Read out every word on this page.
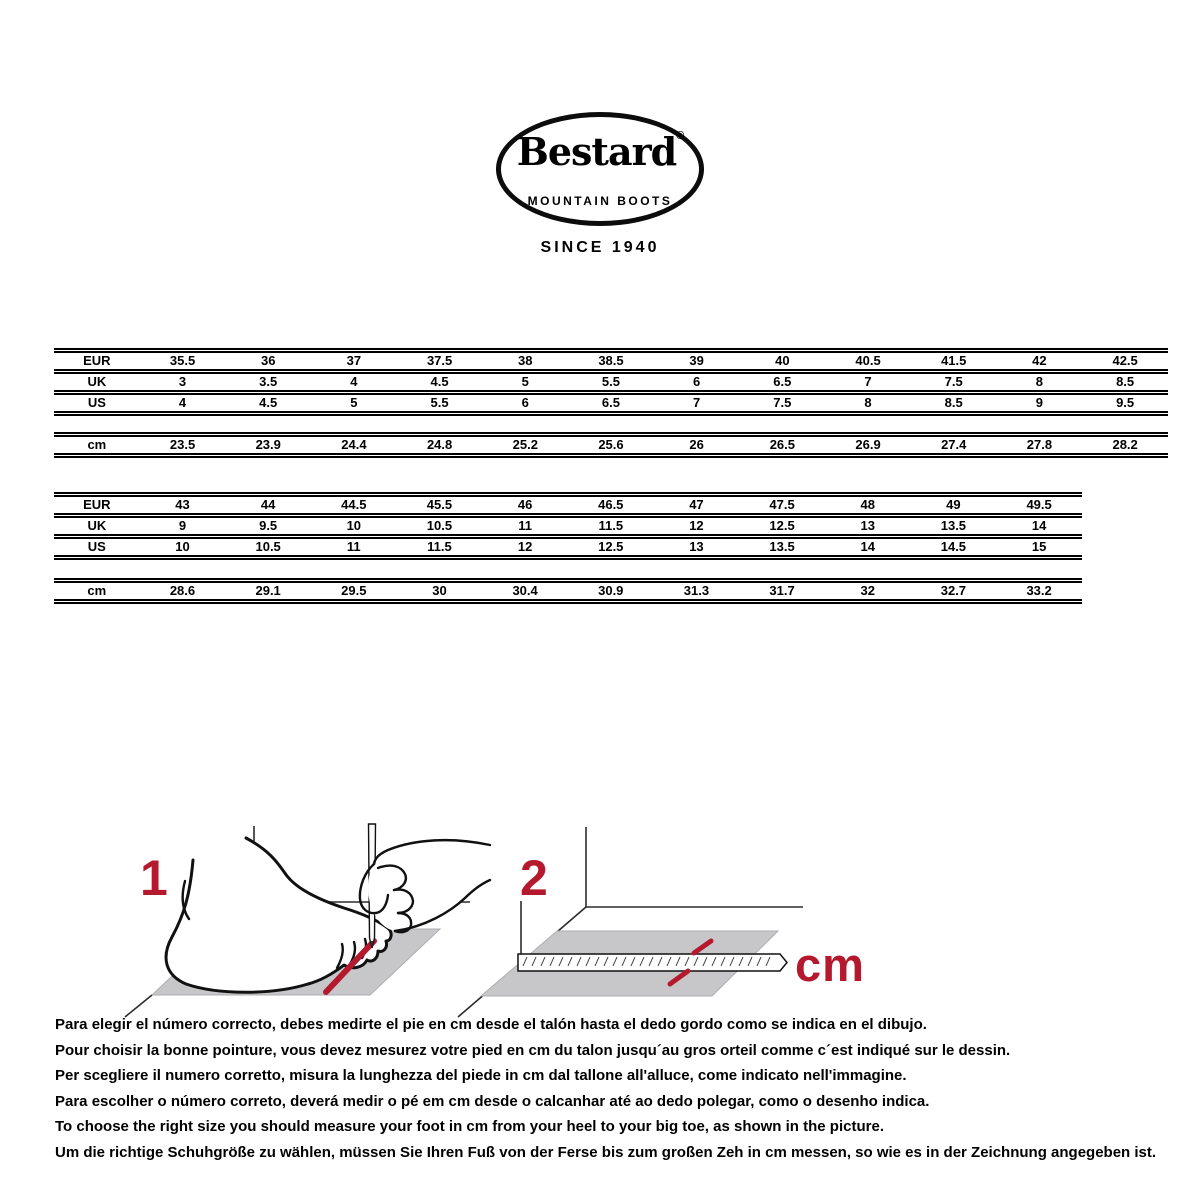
Bestard®
MOUNTAIN BOOTS
SINCE 1940
EUR	35.5	36	37	37.5	38	38.5	39	40	40.5	41.5	42	42.5
UK	3	3.5	4	4.5	5	5.5	6	6.5	7	7.5	8	8.5
US	4	4.5	5	5.5	6	6.5	7	7.5	8	8.5	9	9.5
cm	23.5	23.9	24.4	24.8	25.2	25.6	26	26.5	26.9	27.4	27.8	28.2
EUR	43	44	44.5	45.5	46	46.5	47	47.5	48	49	49.5
UK	9	9.5	10	10.5	11	11.5	12	12.5	13	13.5	14
US	10	10.5	11	11.5	12	12.5	13	13.5	14	14.5	15
cm	28.6	29.1	29.5	30	30.4	30.9	31.3	31.7	32	32.7	33.2
1	2
cm

Para elegir el número correcto, debes medirte el pie en cm desde el talón hasta el dedo gordo como se indica en el dibujo.

Pour choisir la bonne pointure, vous devez mesurez votre pied en cm du talon jusqu´au gros orteil comme c´est indiqué sur le dessin.

Per scegliere il numero corretto, misura la lunghezza del piede in cm dal tallone all'alluce, come indicato nell'immagine.

Para escolher o número correto, deverá medir o pé em cm desde o calcanhar até ao dedo polegar, como o desenho indica.

To choose the right size you should measure your foot in cm from your heel to your big toe, as shown in the picture.

Um die richtige Schuhgröße zu wählen, müssen Sie Ihren Fuß von der Ferse bis zum großen Zeh in cm messen, so wie es in der Zeichnung angegeben ist.
